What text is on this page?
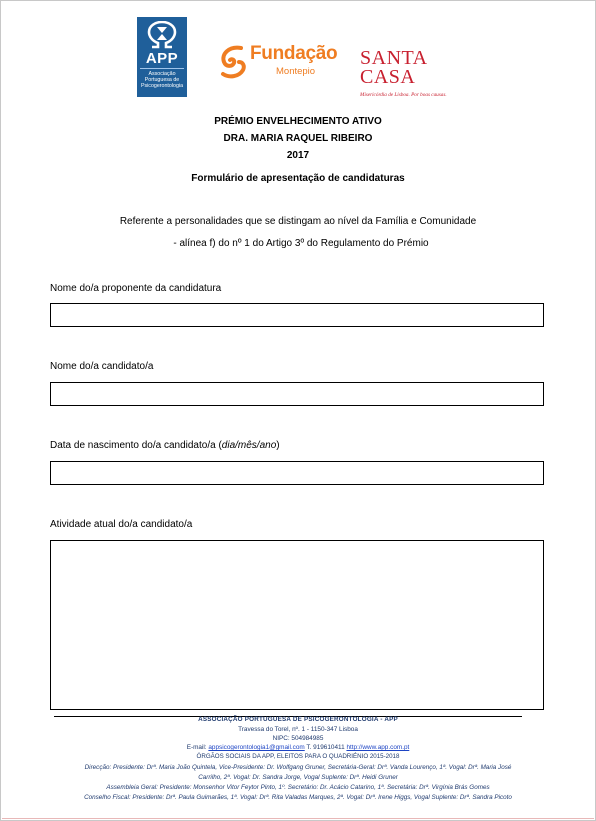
APP
Associação Portuguesa de Psicogerontologia
Fundação
Montepio
SANTA
CASA
Misericórdia de Lisboa. Por boas causas.
PRÉMIO ENVELHECIMENTO ATIVO
DRA. MARIA RAQUEL RIBEIRO
2017
Formulário de apresentação de candidaturas
Referente a personalidades que se distingam ao nível da Família e Comunidade
- alínea f) do nº 1 do Artigo 3º do Regulamento do Prémio
Nome do/a proponente da candidatura
Nome do/a candidato/a
Data de nascimento do/a candidato/a (dia/mês/ano)
Atividade atual do/a candidato/a
ASSOCIAÇÃO PORTUGUESA DE PSICOGERONTOLOGIA - APP
Travessa do Torel, nº. 1 - 1150-347 Lisboa
NIPC: 504984985
E-mail: appsicogerontologia1@gmail.com T. 919610411 http://www.app.com.pt
ÓRGÃOS SOCIAIS DA APP, ELEITOS PARA O QUADRIÉNIO 2015-2018
Direcção: Presidente: Drª. Maria João Quintela, Vice-Presidente: Dr. Wolfgang Gruner, Secretária-Geral: Drª. Vanda Lourenço, 1ª. Vogal: Drª. Maria José
Carrilho, 2ª. Vogal: Dr. Sandra Jorge, Vogal Suplente: Drª. Heidi Gruner
Assembleia Geral: Presidente: Monsenhor Vitor Feytor Pinto, 1º. Secretário: Dr. Acácio Catarino, 1ª. Secretária: Drª. Virgínia Brás Gomes
Conselho Fiscal: Presidente: Drª. Paula Guimarães, 1ª. Vogal: Drª. Rita Valadas Marques, 2ª. Vogal: Drª. Irene Higgs, Vogal Suplente: Drª. Sandra Picoto
